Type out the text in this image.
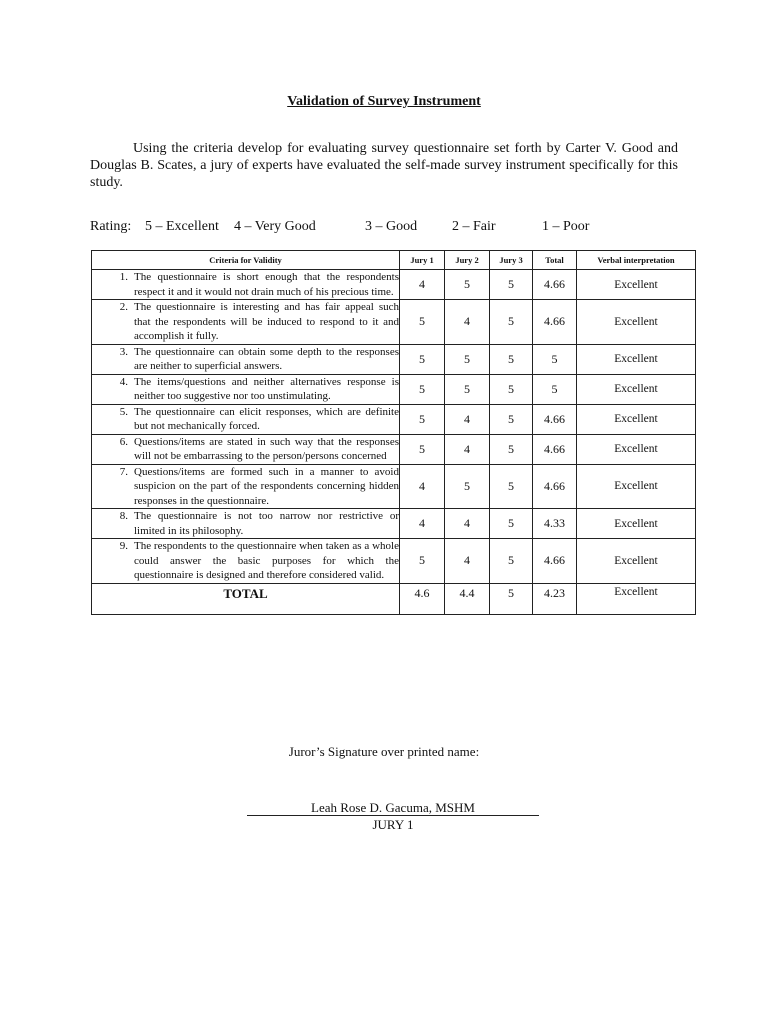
Validation of Survey Instrument
Using the criteria develop for evaluating survey questionnaire set forth by Carter V. Good and Douglas B. Scates, a jury of experts have evaluated the self-made survey instrument specifically for this study.
Rating: 5 – Excellent 4 – Very Good	3 – Good 2 – Fair	1 – Poor
Criteria for Validity	Jury 1	Jury 2	Jury 3	Total	Verbal interpretation

1. The questionnaire is short enough that the respondents respect it and it would not drain much of his precious time.	4	5	5	4.66	Excellent

2. The questionnaire is interesting and has fair appeal such that the respondents will be induced to respond to it and accomplish it fully.	5	4	5	4.66	Excellent

3. The questionnaire can obtain some depth to the responses are neither to superficial answers.	5	5	5	5	Excellent

4. The items/questions and neither alternatives response is neither too suggestive nor too unstimulating.	5	5	5	5	Excellent

5. The questionnaire can elicit responses, which are definite but not mechanically forced.	5	4	5	4.66	Excellent

6. Questions/items are stated in such way that the responses will not be embarrassing to the person/persons concerned	5	4	5	4.66	Excellent

7. Questions/items are formed such in a manner to avoid suspicion on the part of the respondents concerning hidden responses in the questionnaire.	4	5	5	4.66	Excellent

8. The questionnaire is not too narrow nor restrictive or limited in its philosophy.	4	4	5	4.33	Excellent

9. The respondents to the questionnaire when taken as a whole could answer the basic purposes for which the questionnaire is designed and therefore considered valid.	5	4	5	4.66	Excellent
TOTAL	4.6	4.4	5	4.23	Excellent
Juror’s Signature over printed name:
Leah Rose D. Gacuma, MSHM
JURY 1
